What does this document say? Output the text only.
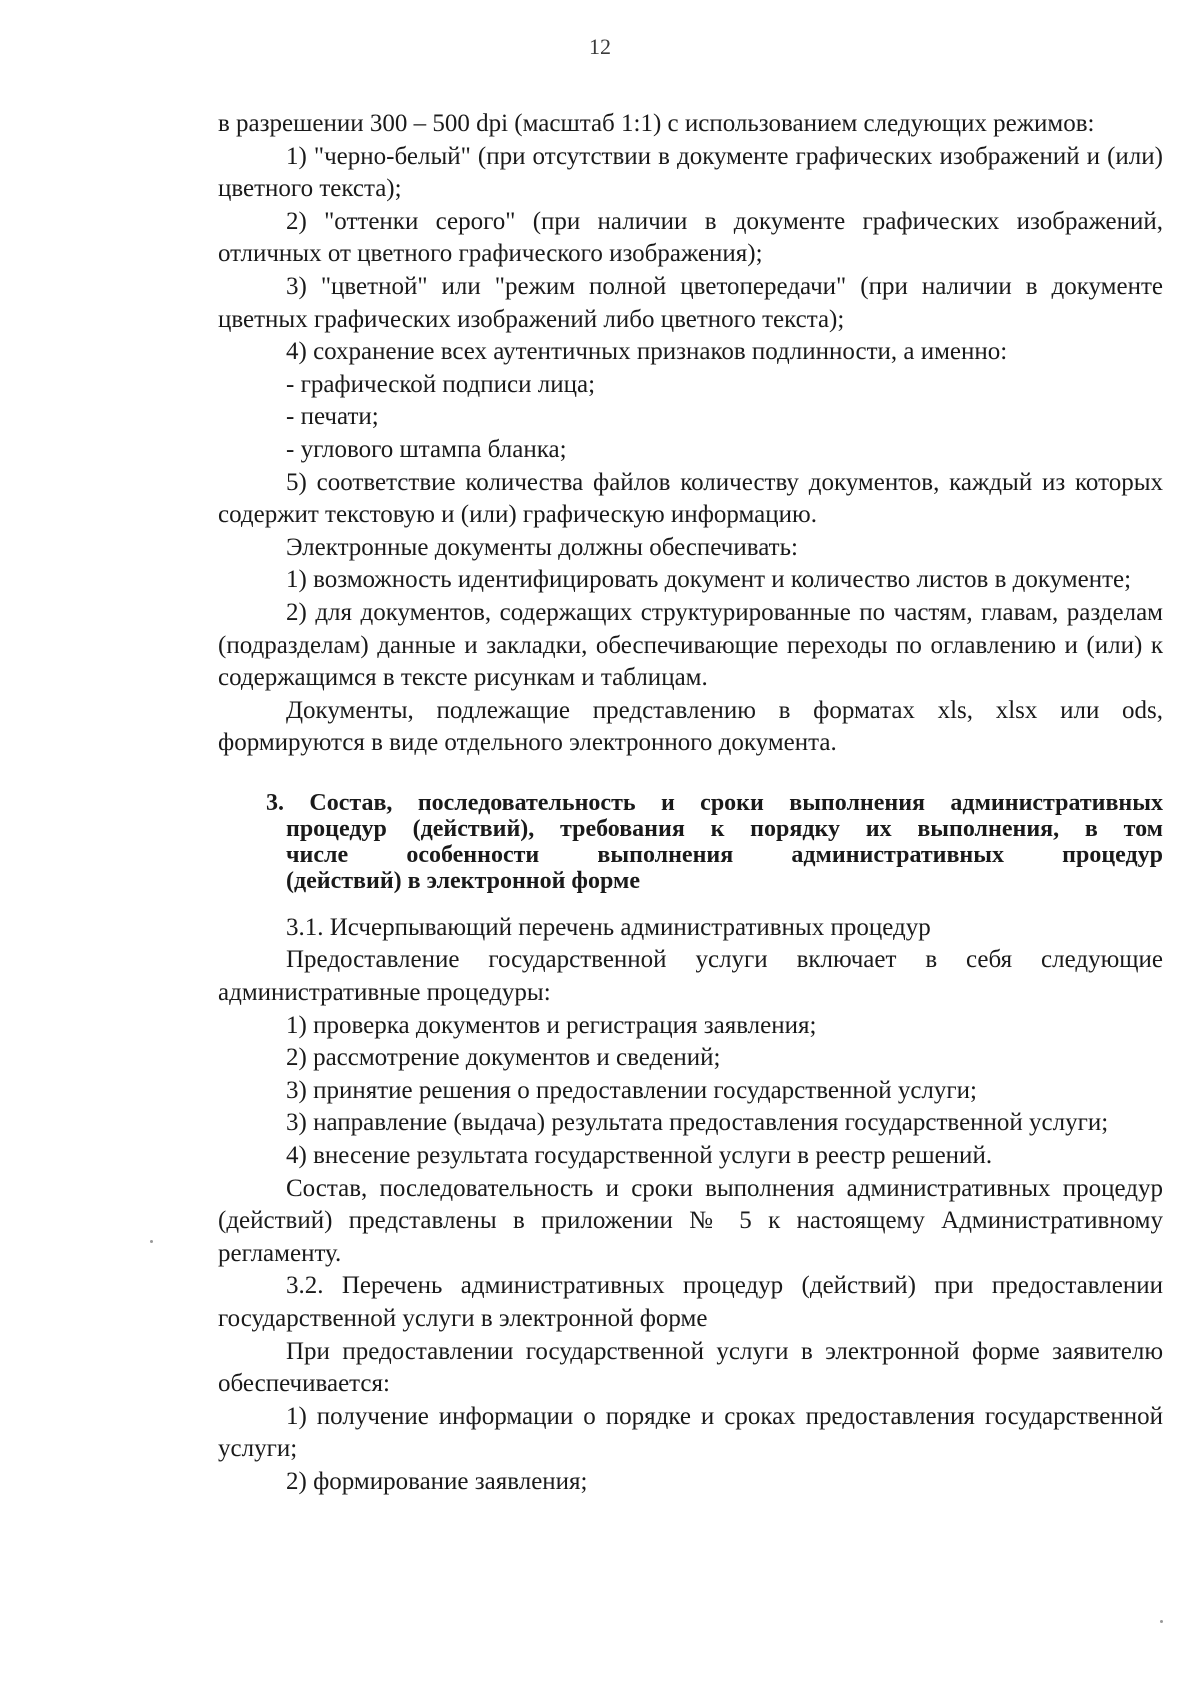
12

в разрешении 300 – 500 dpi (масштаб 1:1) с использованием следующих режимов:

1) "черно-белый" (при отсутствии в документе графических изображений и (или) цветного текста);

2) "оттенки серого" (при наличии в документе графических изображений, отличных от цветного графического изображения);

3) "цветной" или "режим полной цветопередачи" (при наличии в документе цветных графических изображений либо цветного текста);

4) сохранение всех аутентичных признаков подлинности, а именно:

- графической подписи лица;

- печати;

- углового штампа бланка;

5) соответствие количества файлов количеству документов, каждый из которых содержит текстовую и (или) графическую информацию.

Электронные документы должны обеспечивать:

1) возможность идентифицировать документ и количество листов в документе;

2) для документов, содержащих структурированные по частям, главам, разделам (подразделам) данные и закладки, обеспечивающие переходы по оглавлению и (или) к содержащимся в тексте рисункам и таблицам.

Документы, подлежащие представлению в форматах xls, xlsx или ods, формируются в виде отдельного электронного документа.

3. Состав, последовательность и сроки выполнения административных
процедур (действий), требования к порядку их выполнения, в том
числе особенности выполнения административных процедур
(действий) в электронной форме

3.1. Исчерпывающий перечень административных процедур

Предоставление государственной услуги включает в себя следующие административные процедуры:

1) проверка документов и регистрация заявления;

2) рассмотрение документов и сведений;

3) принятие решения о предоставлении государственной услуги;

3) направление (выдача) результата предоставления государственной услуги;

4) внесение результата государственной услуги в реестр решений.

Состав, последовательность и сроки выполнения административных процедур (действий) представлены в приложении № 5 к настоящему Административному регламенту.

3.2. Перечень административных процедур (действий) при предоставлении государственной услуги в электронной форме

При предоставлении государственной услуги в электронной форме заявителю обеспечивается:

1) получение информации о порядке и сроках предоставления государственной услуги;

2) формирование заявления;
